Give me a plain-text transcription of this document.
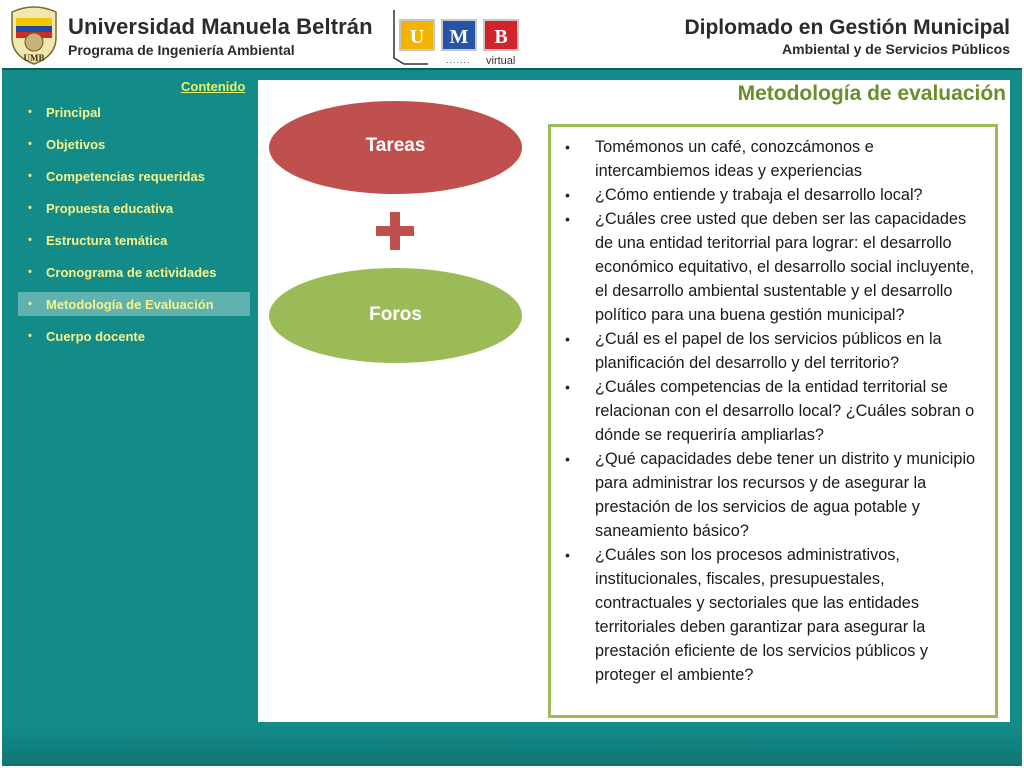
UMB
Universidad Manuela Beltrán
Programa de Ingeniería Ambiental
U M B
....... virtual
Diplomado en Gestión Municipal
Ambiental y de Servicios Públicos
Contenido
•	Principal
•	Objetivos
•	Competencias requeridas
•	Propuesta educativa
•	Estructura temática
•	Cronograma de actividades
•	Metodología de Evaluación
•	Cuerpo docente
Metodología de evaluación
Tareas
Foros
• Tomémonos un café, conozcámonos e intercambiemos ideas y experiencias
• ¿Cómo entiende y trabaja el desarrollo local?
• ¿Cuáles cree usted que deben ser las capacidades de una entidad teritorrial para lograr: el desarrollo económico equitativo, el desarrollo social incluyente, el desarrollo ambiental sustentable y el desarrollo político para una buena gestión municipal?
• ¿Cuál es el papel de los servicios públicos en la planificación del desarrollo y del territorio?
• ¿Cuáles competencias de la entidad territorial se relacionan con el desarrollo local? ¿Cuáles sobran o dónde se requeriría ampliarlas?
• ¿Qué capacidades debe tener un distrito y municipio para administrar los recursos y de asegurar la prestación de los servicios de agua potable y saneamiento básico?
• ¿Cuáles son los procesos administrativos, institucionales, fiscales, presupuestales, contractuales y sectoriales que las entidades territoriales deben garantizar para asegurar la prestación eficiente de los servicios públicos y proteger el ambiente?
